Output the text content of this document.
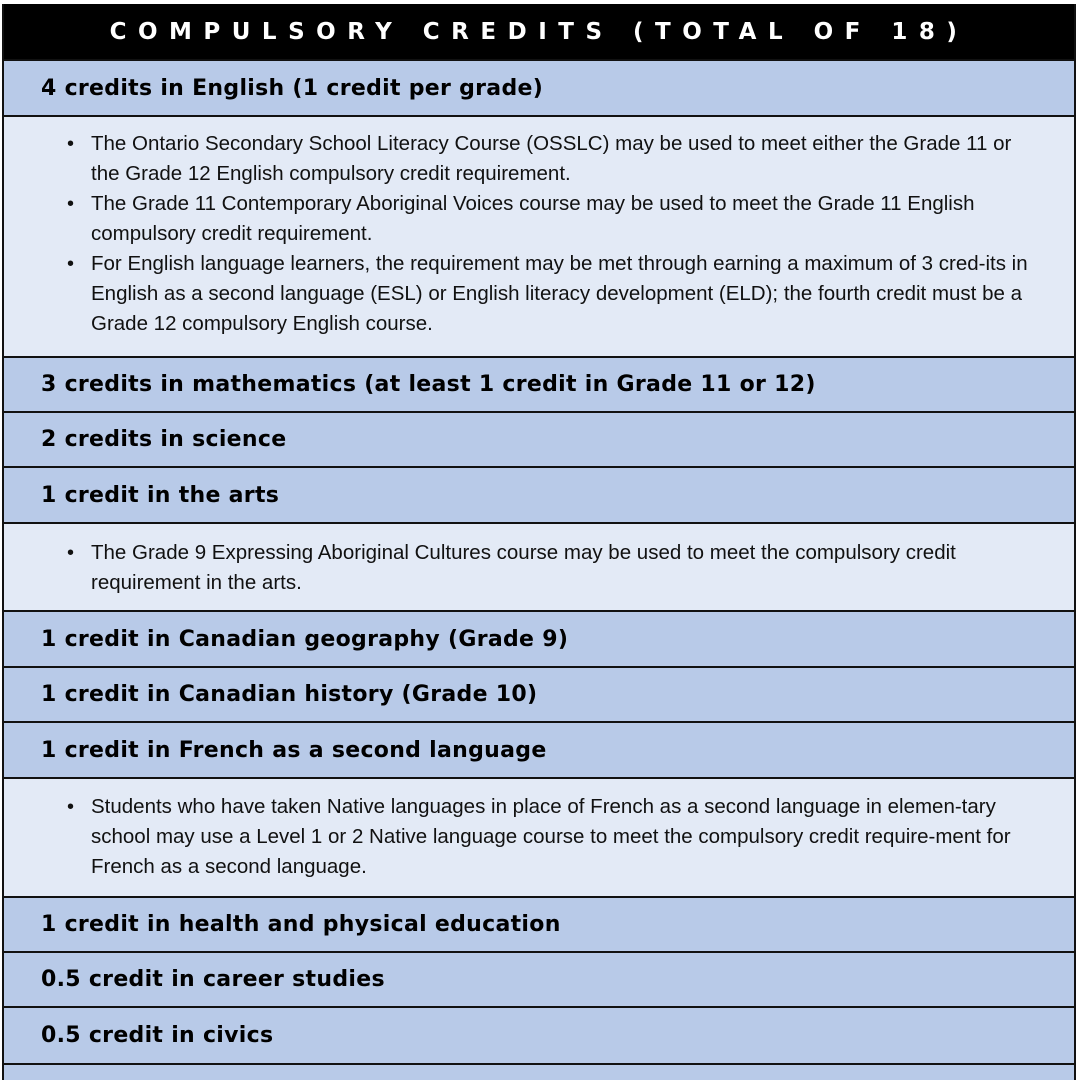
COMPULSORY CREDITS (TOTAL OF 18)
4 credits in English (1 credit per grade)
• The Ontario Secondary School Literacy Course (OSSLC) may be used to meet either the Grade 11 or the Grade 12 English compulsory credit requirement.
• The Grade 11 Contemporary Aboriginal Voices course may be used to meet the Grade 11 English compulsory credit requirement.
• For English language learners, the requirement may be met through earning a maximum of 3 cred-its in English as a second language (ESL) or English literacy development (ELD); the fourth credit must be a Grade 12 compulsory English course.
3 credits in mathematics (at least 1 credit in Grade 11 or 12)
2 credits in science
1 credit in the arts
• The Grade 9 Expressing Aboriginal Cultures course may be used to meet the compulsory credit requirement in the arts.
1 credit in Canadian geography (Grade 9)
1 credit in Canadian history (Grade 10)
1 credit in French as a second language
• Students who have taken Native languages in place of French as a second language in elemen-tary school may use a Level 1 or 2 Native language course to meet the compulsory credit require-ment for French as a second language.
1 credit in health and physical education
0.5 credit in career studies
0.5 credit in civics
